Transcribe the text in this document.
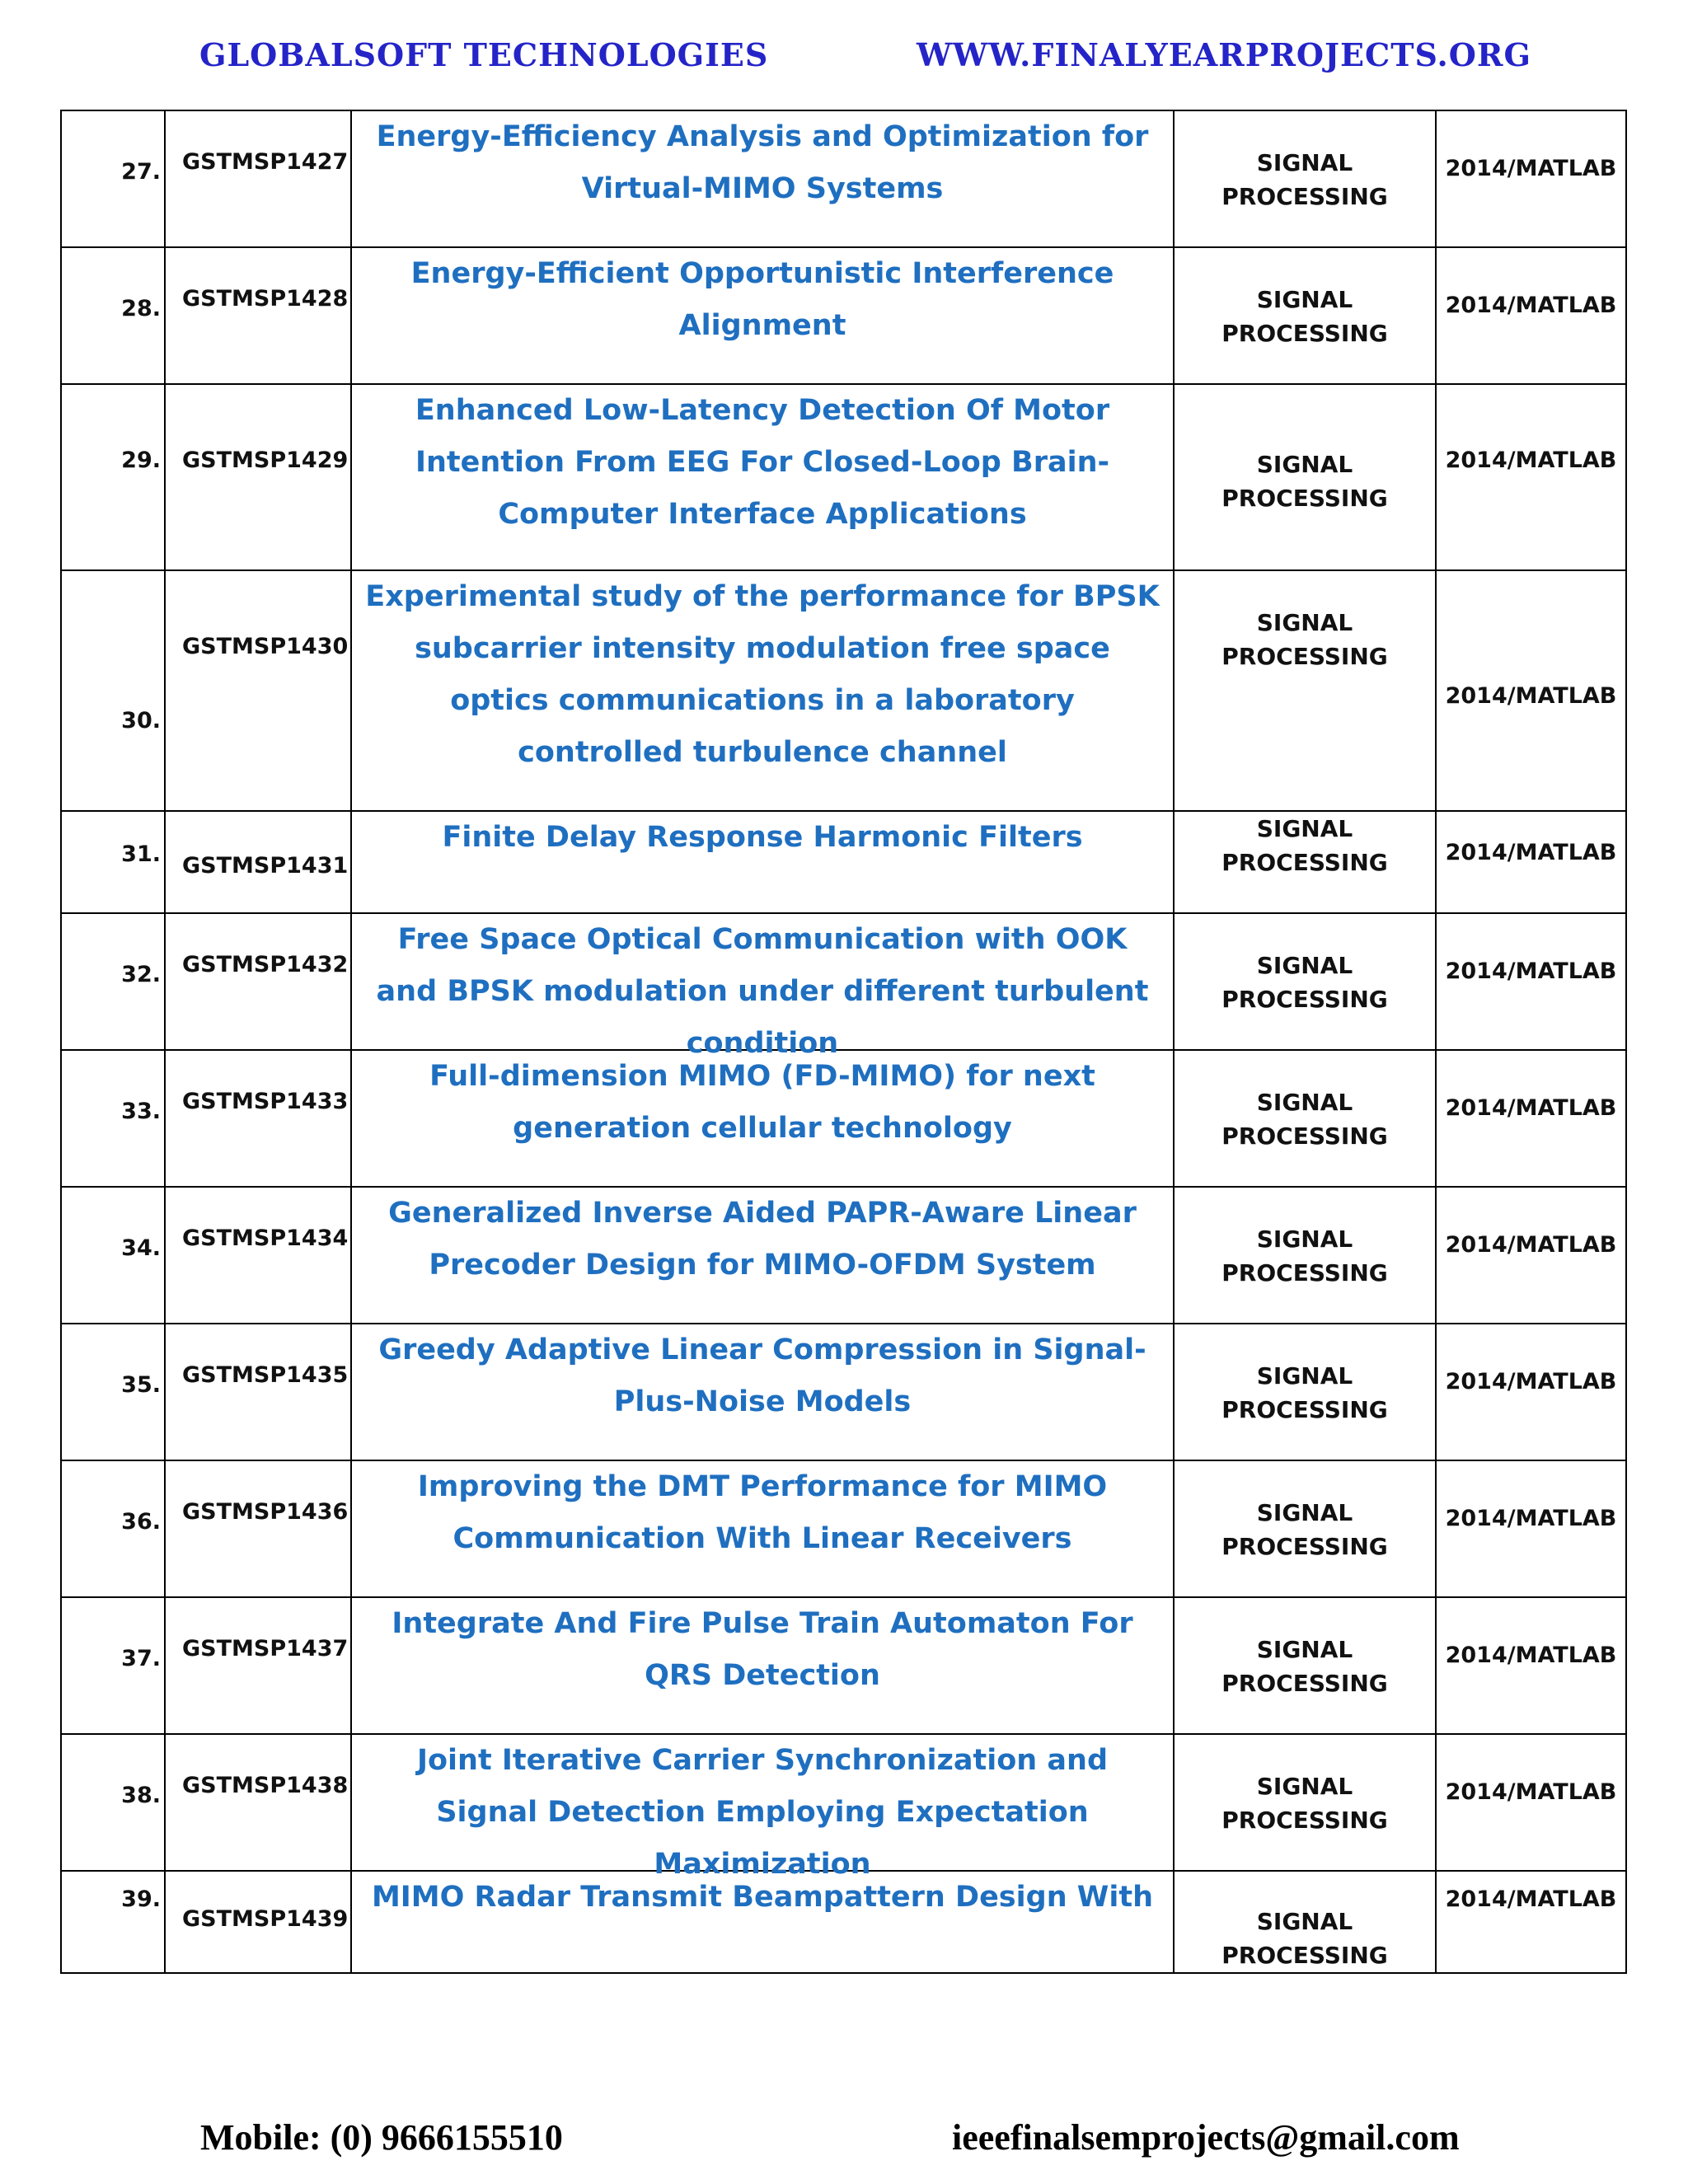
GLOBALSOFT TECHNOLOGIES	WWW.FINALYEARPROJECTS.ORG
27.	GSTMSP1427	Energy-Efficiency Analysis and Optimization for Virtual-MIMO Systems	SIGNAL PROCESSING	2014/MATLAB

28.	GSTMSP1428	Energy-Efficient Opportunistic Interference Alignment	SIGNAL PROCESSING	2014/MATLAB

29.	GSTMSP1429	Enhanced Low-Latency Detection Of Motor Intention From EEG For Closed-Loop Brain-Computer Interface Applications	SIGNAL PROCESSING	2014/MATLAB

30.	GSTMSP1430	Experimental study of the performance for BPSK subcarrier intensity modulation free space optics communications in a laboratory controlled turbulence channel	SIGNAL PROCESSING	2014/MATLAB

31.	GSTMSP1431	Finite Delay Response Harmonic Filters	SIGNAL PROCESSING	2014/MATLAB

32.	GSTMSP1432	Free Space Optical Communication with OOK and BPSK modulation under different turbulent condition	SIGNAL PROCESSING	2014/MATLAB

33.	GSTMSP1433	Full-dimension MIMO (FD-MIMO) for next generation cellular technology	SIGNAL PROCESSING	2014/MATLAB

34.	GSTMSP1434	Generalized Inverse Aided PAPR-Aware Linear Precoder Design for MIMO-OFDM System	SIGNAL PROCESSING	2014/MATLAB

35.	GSTMSP1435	Greedy Adaptive Linear Compression in Signal-Plus-Noise Models	SIGNAL PROCESSING	2014/MATLAB

36.	GSTMSP1436	Improving the DMT Performance for MIMO Communication With Linear Receivers	SIGNAL PROCESSING	2014/MATLAB

37.	GSTMSP1437	Integrate And Fire Pulse Train Automaton For QRS Detection	SIGNAL PROCESSING	2014/MATLAB

38.	GSTMSP1438	Joint Iterative Carrier Synchronization and Signal Detection Employing Expectation Maximization	SIGNAL PROCESSING	2014/MATLAB

39.	GSTMSP1439	MIMO Radar Transmit Beampattern Design With	SIGNAL PROCESSING	2014/MATLAB
Mobile: (0) 9666155510	ieeefinalsemprojects@gmail.com
